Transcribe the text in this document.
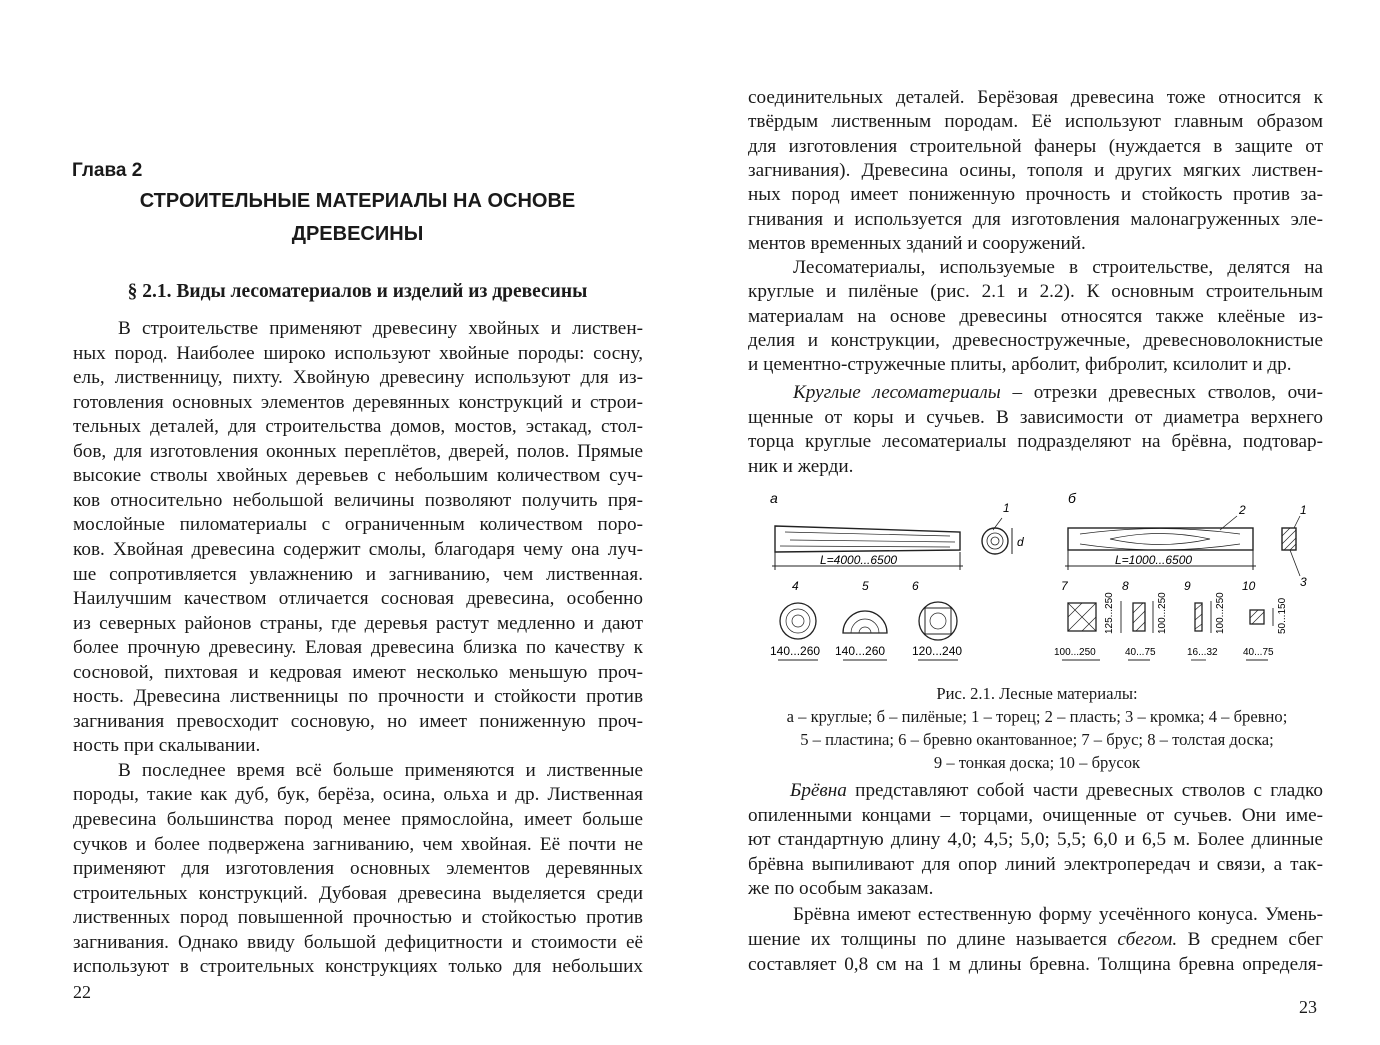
Глава 2
СТРОИТЕЛЬНЫЕ МАТЕРИАЛЫ НА ОСНОВЕ
ДРЕВЕСИНЫ
§ 2.1. Виды лесоматериалов и изделий из древесины
В строительстве применяют древесину хвойных и листвен-
ных пород. Наиболее широко используют хвойные породы: сосну,
ель, лиственницу, пихту. Хвойную древесину используют для из-
готовления основных элементов деревянных конструкций и строи-
тельных деталей, для строительства домов, мостов, эстакад, стол-
бов, для изготовления оконных переплётов, дверей, полов. Прямые
высокие стволы хвойных деревьев с небольшим количеством суч-
ков относительно небольшой величины позволяют получить пря-
мослойные пиломатериалы с ограниченным количеством поро-
ков. Хвойная древесина содержит смолы, благодаря чему она луч-
ше сопротивляется увлажнению и загниванию, чем лиственная.
Наилучшим качеством отличается сосновая древесина, особенно
из северных районов страны, где деревья растут медленно и дают
более прочную древесину. Еловая древесина близка по качеству к
сосновой, пихтовая и кедровая имеют несколько меньшую проч-
ность. Древесина лиственницы по прочности и стойкости против
загнивания превосходит сосновую, но имеет пониженную проч-
ность при скалывании.
В последнее время всё больше применяются и лиственные
породы, такие как дуб, бук, берёза, осина, ольха и др. Лиственная
древесина большинства пород менее прямослойна, имеет больше
сучков и более подвержена загниванию, чем хвойная. Её почти не
применяют для изготовления основных элементов деревянных
строительных конструкций. Дубовая древесина выделяется среди
лиственных пород повышенной прочностью и стойкостью против
загнивания. Однако ввиду большой дефицитности и стоимости её
используют в строительных конструкциях только для небольших
22
соединительных деталей. Берёзовая древесина тоже относится к
твёрдым лиственным породам. Её используют главным образом
для изготовления строительной фанеры (нуждается в защите от
загнивания). Древесина осины, тополя и других мягких листвен-
ных пород имеет пониженную прочность и стойкость против за-
гнивания и используется для изготовления малонагруженных эле-
ментов временных зданий и сооружений.
Лесоматериалы, используемые в строительстве, делятся на
круглые и пилёные (рис. 2.1 и 2.2). К основным строительным
материалам на основе древесины относятся также клеёные из-
делия и конструкции, древесностружечные, древесноволокнистые
и цементно-стружечные плиты, арболит, фибролит, ксилолит и др.
Круглые лесоматериалы – отрезки древесных стволов, очи-
щенные от коры и сучьев. В зависимости от диаметра верхнего
торца круглые лесоматериалы подразделяют на брёвна, подтовар-
ник и жерди.
а	б
L=4000...6500
1
d
L=1000...6500
2	1
3
4	5	6	7	8	9	10
140...260 140...260 120...240	100...250	40...75	16...32	40...75
125...250	100...250	100...250	50...150
Рис. 2.1. Лесные материалы:
а – круглые; б – пилёные; 1 – торец; 2 – пласть; 3 – кромка; 4 – бревно;
5 – пластина; 6 – бревно окантованное; 7 – брус; 8 – толстая доска;
9 – тонкая доска; 10 – брусок
Брёвна представляют собой части древесных стволов с гладко
опиленными концами – торцами, очищенные от сучьев. Они име-
ют стандартную длину 4,0; 4,5; 5,0; 5,5; 6,0 и 6,5 м. Более длинные
брёвна выпиливают для опор линий электропередач и связи, а так-
же по особым заказам.
Брёвна имеют естественную форму усечённого конуса. Умень-
шение их толщины по длине называется сбегом. В среднем сбег
составляет 0,8 см на 1 м длины бревна. Толщина бревна определя-
23
